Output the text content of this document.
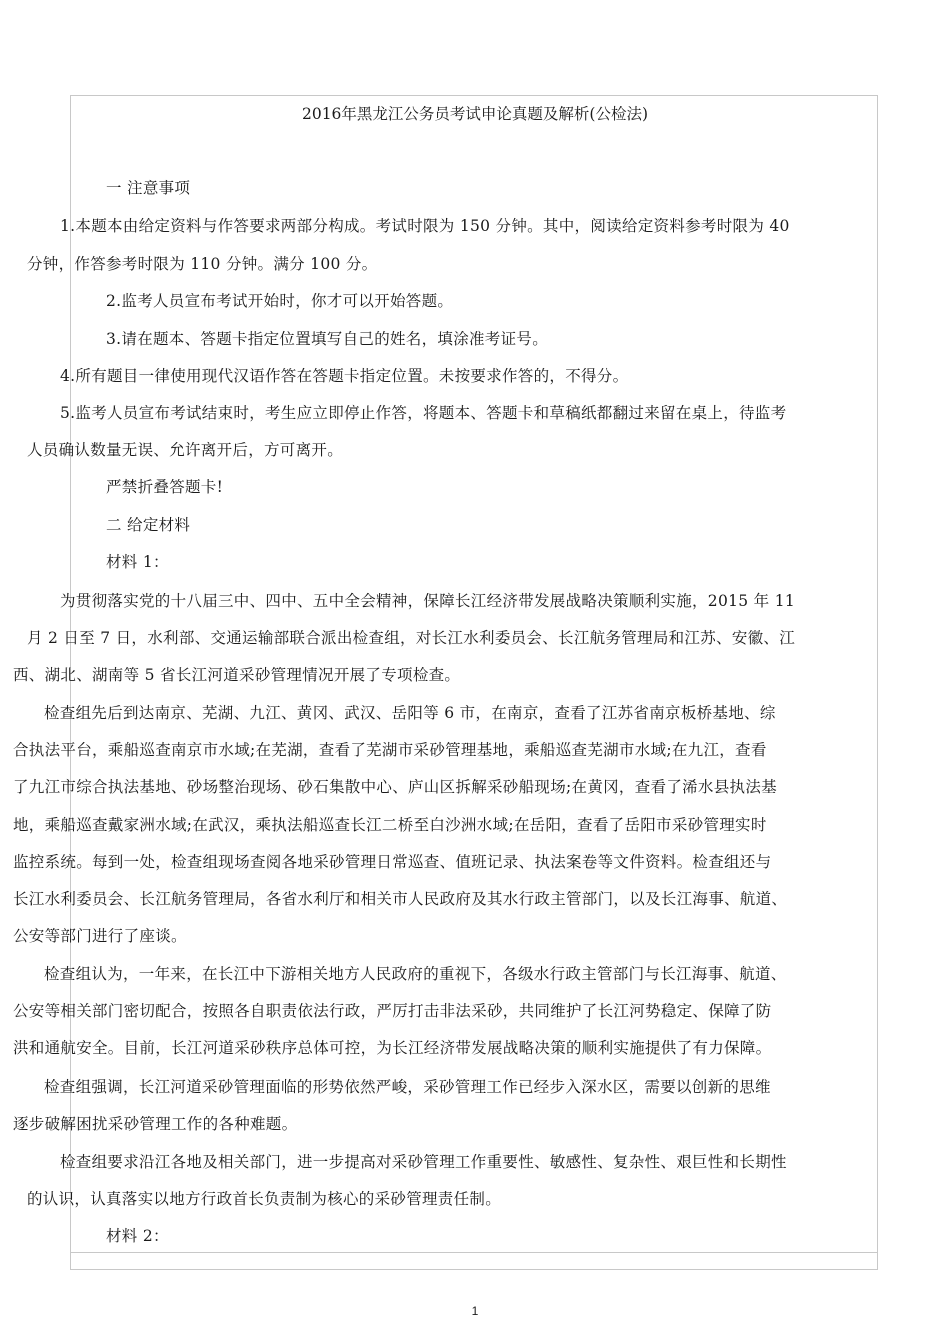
2016年黑龙江公务员考试申论真题及解析(公检法)
一 注意事项
1.本题本由给定资料与作答要求两部分构成。考试时限为 150 分钟。其中，阅读给定资料参考时限为 40
分钟，作答参考时限为 110 分钟。满分 100 分。
2.监考人员宣布考试开始时，你才可以开始答题。
3.请在题本、答题卡指定位置填写自己的姓名，填涂准考证号。
4.所有题目一律使用现代汉语作答在答题卡指定位置。未按要求作答的，不得分。
5.监考人员宣布考试结束时，考生应立即停止作答，将题本、答题卡和草稿纸都翻过来留在桌上，待监考
人员确认数量无误、允许离开后，方可离开。
严禁折叠答题卡!
二 给定材料
材料 1：
为贯彻落实党的十八届三中、四中、五中全会精神，保障长江经济带发展战略决策顺利实施，2015 年 11
月 2 日至 7 日，水利部、交通运输部联合派出检查组，对长江水利委员会、长江航务管理局和江苏、安徽、江
西、湖北、湖南等 5 省长江河道采砂管理情况开展了专项检查。
检查组先后到达南京、芜湖、九江、黄冈、武汉、岳阳等 6 市，在南京，查看了江苏省南京板桥基地、综
合执法平台，乘船巡查南京市水域;在芜湖，查看了芜湖市采砂管理基地，乘船巡查芜湖市水域;在九江，查看
了九江市综合执法基地、砂场整治现场、砂石集散中心、庐山区拆解采砂船现场;在黄冈，查看了浠水县执法基
地，乘船巡查戴家洲水域;在武汉，乘执法船巡查长江二桥至白沙洲水域;在岳阳，查看了岳阳市采砂管理实时
监控系统。每到一处，检查组现场查阅各地采砂管理日常巡查、值班记录、执法案卷等文件资料。检查组还与
长江水利委员会、长江航务管理局，各省水利厅和相关市人民政府及其水行政主管部门，以及长江海事、航道、
公安等部门进行了座谈。
检查组认为，一年来，在长江中下游相关地方人民政府的重视下，各级水行政主管部门与长江海事、航道、
公安等相关部门密切配合，按照各自职责依法行政，严厉打击非法采砂，共同维护了长江河势稳定、保障了防
洪和通航安全。目前，长江河道采砂秩序总体可控，为长江经济带发展战略决策的顺利实施提供了有力保障。
检查组强调，长江河道采砂管理面临的形势依然严峻，采砂管理工作已经步入深水区，需要以创新的思维
逐步破解困扰采砂管理工作的各种难题。
检查组要求沿江各地及相关部门，进一步提高对采砂管理工作重要性、敏感性、复杂性、艰巨性和长期性
的认识，认真落实以地方行政首长负责制为核心的采砂管理责任制。
材料 2：
1
